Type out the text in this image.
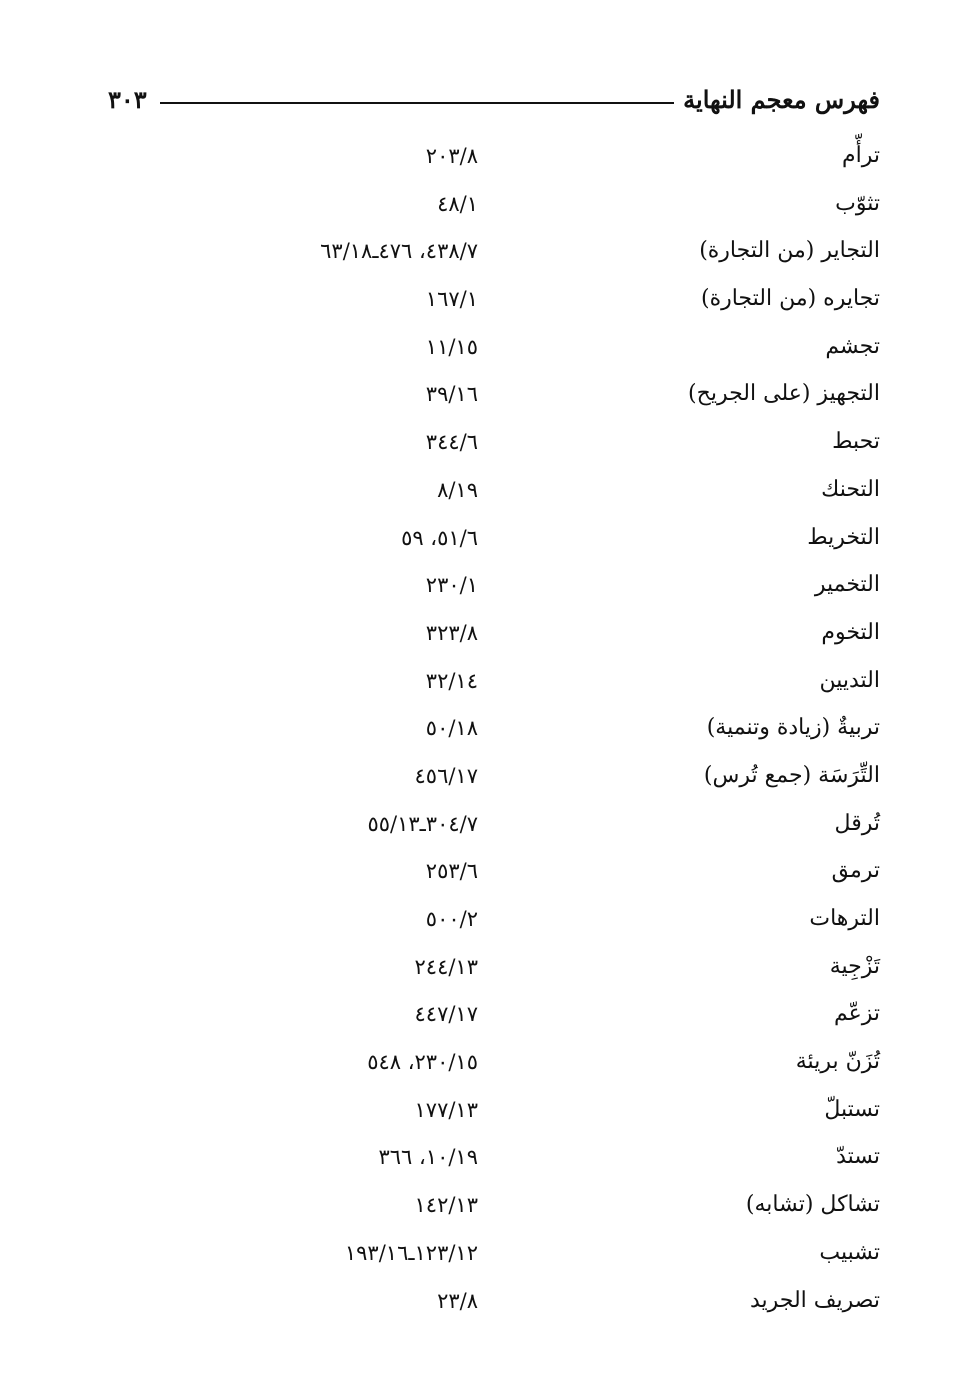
فهرس معجم النهاية
٣٠٣
ترأّم
٢٠٣/٨
تثوّب
٤٨/١
التجاير (من التجارة)
٤٣٨/٧، ٤٧٦ـ٦٣/١٨
تجايره (من التجارة)
١٦٧/١
تجشم
١١/١٥
التجهيز (على الجريح)
٣٩/١٦
تحبط
٣٤٤/٦
التحنك
٨/١٩
التخريط
٥١/٦، ٥٩
التخمير
٢٣٠/١
التخوم
٣٢٣/٨
التديين
٣٢/١٤
تربيةٌ (زيادة وتنمية)
٥٠/١٨
التِّرَسَة (جمع تُرس)
٤٥٦/١٧
تُرقل
٣٠٤/٧ـ٥٥/١٣
ترمق
٢٥٣/٦
الترهات
٥٠٠/٢
تَزْجِية
٢٤٤/١٣
تزعّم
٤٤٧/١٧
تُزَنّ بريئة
٢٣٠/١٥، ٥٤٨
تستبلّ
١٧٧/١٣
تستدّ
١٠/١٩، ٣٦٦
تشاكل (تشابه)
١٤٢/١٣
تشبيب
١٢٣/١٢ـ١٩٣/١٦
تصريف الجريد
٢٣/٨
